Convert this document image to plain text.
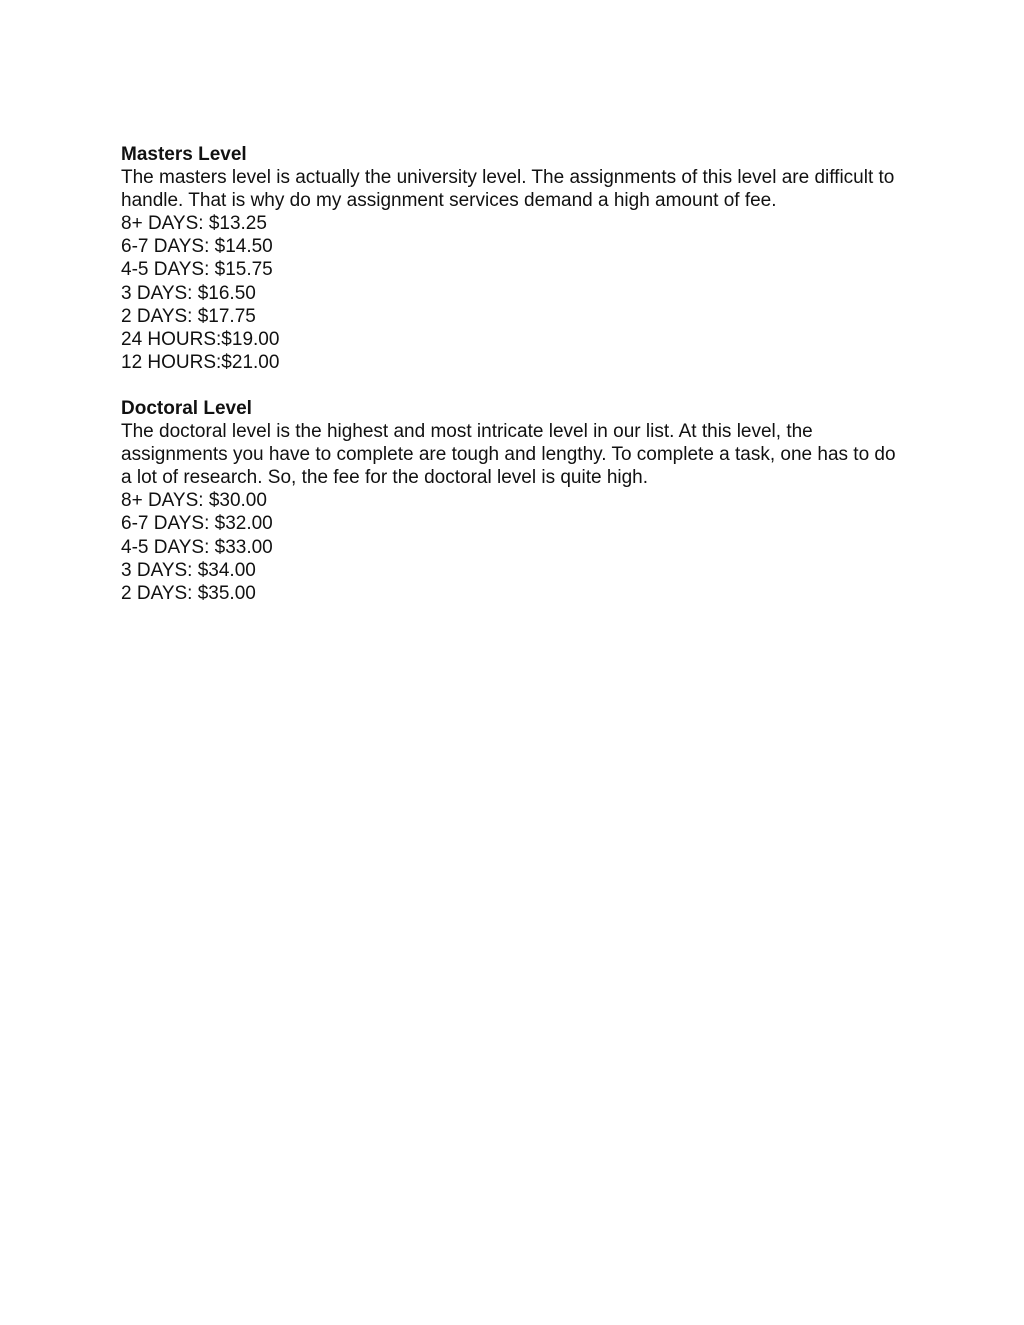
Masters Level

The masters level is actually the university level. The assignments of this level are difficult to handle. That is why do my assignment services demand a high amount of fee.

8+ DAYS: $13.25
6-7 DAYS: $14.50
4-5 DAYS: $15.75
3 DAYS: $16.50
2 DAYS: $17.75
24 HOURS:$19.00
12 HOURS:$21.00

Doctoral Level

The doctoral level is the highest and most intricate level in our list. At this level, the assignments you have to complete are tough and lengthy. To complete a task, one has to do a lot of research. So, the fee for the doctoral level is quite high.

8+ DAYS: $30.00
6-7 DAYS: $32.00
4-5 DAYS: $33.00
3 DAYS: $34.00
2 DAYS: $35.00
